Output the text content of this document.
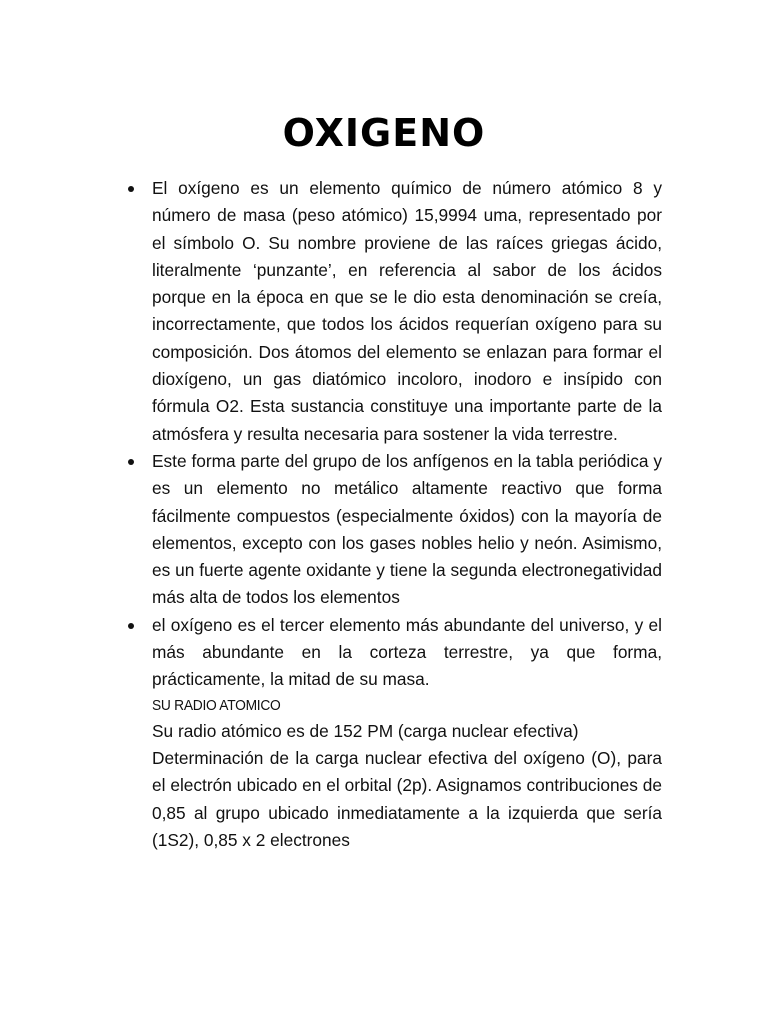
OXIGENO
El oxígeno es un elemento químico de número atómico 8 y número de masa (peso atómico) 15,9994 uma, representado por el símbolo O. Su nombre proviene de las raíces griegas ácido, literalmente ‘punzante’, en referencia al sabor de los ácidos porque en la época en que se le dio esta denominación se creía, incorrectamente, que todos los ácidos requerían oxígeno para su composición. Dos átomos del elemento se enlazan para formar el dioxígeno, un gas diatómico incoloro, inodoro e insípido con fórmula O2. Esta sustancia constituye una importante parte de la atmósfera y resulta necesaria para sostener la vida terrestre.
Este forma parte del grupo de los anfígenos en la tabla periódica y es un elemento no metálico altamente reactivo que forma fácilmente compuestos (especialmente óxidos) con la mayoría de elementos, excepto con los gases nobles helio y neón. Asimismo, es un fuerte agente oxidante y tiene la segunda electronegatividad más alta de todos los elementos
el oxígeno es el tercer elemento más abundante del universo, y el más abundante en la corteza terrestre, ya que forma, prácticamente, la mitad de su masa.

SU RADIO ATOMICO

Su radio atómico es de 152 PM (carga nuclear efectiva)

Determinación de la carga nuclear efectiva del oxígeno (O), para el electrón ubicado en el orbital (2p). Asignamos contribuciones de 0,85 al grupo ubicado inmediatamente a la izquierda que sería (1S2), 0,85 x 2 electrones
